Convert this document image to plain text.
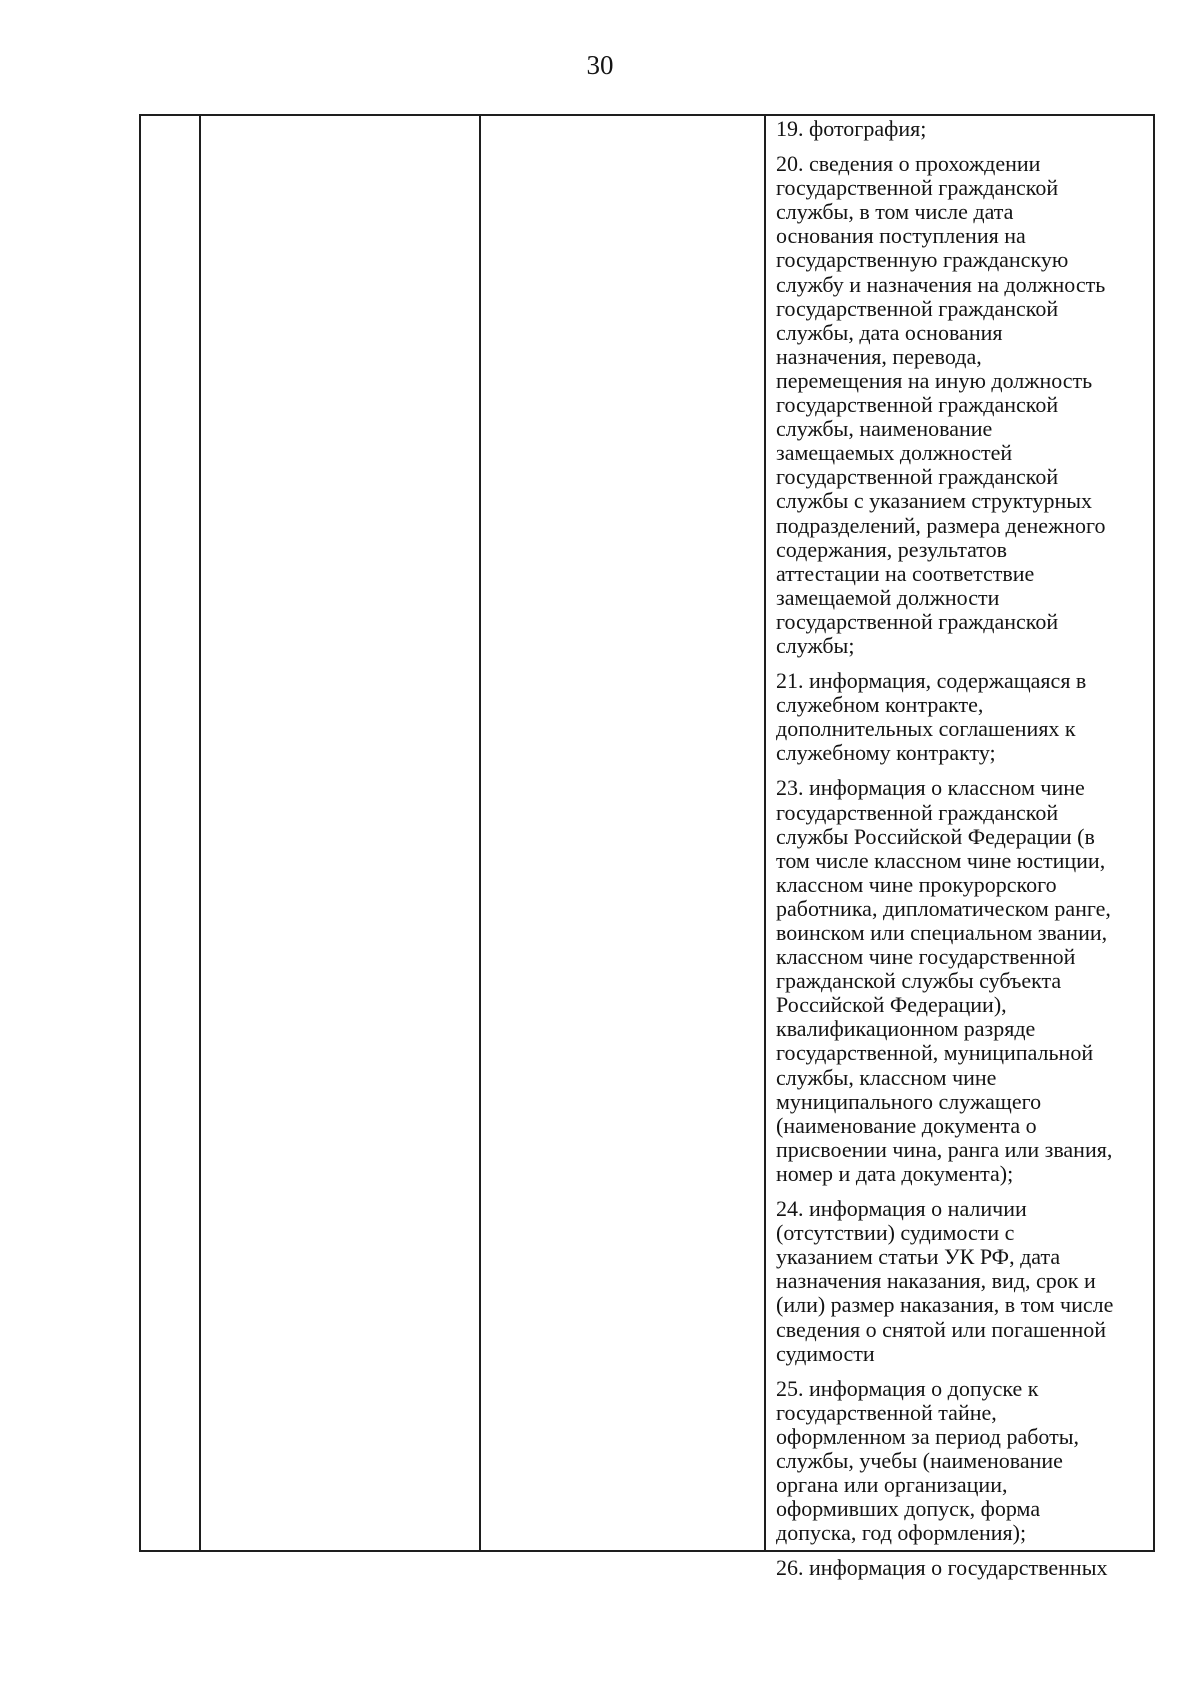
30
19. фотография;
20. сведения о прохождении
государственной гражданской
службы, в том числе дата
основания поступления на
государственную гражданскую
службу и назначения на должность
государственной гражданской
службы, дата основания
назначения, перевода,
перемещения на иную должность
государственной гражданской
службы, наименование
замещаемых должностей
государственной гражданской
службы с указанием структурных
подразделений, размера денежного
содержания, результатов
аттестации на соответствие
замещаемой должности
государственной гражданской
службы;
21. информация, содержащаяся в
служебном контракте,
дополнительных соглашениях к
служебному контракту;
23. информация о классном чине
государственной гражданской
службы Российской Федерации (в
том числе классном чине юстиции,
классном чине прокурорского
работника, дипломатическом ранге,
воинском или специальном звании,
классном чине государственной
гражданской службы субъекта
Российской Федерации),
квалификационном разряде
государственной, муниципальной
службы, классном чине
муниципального служащего
(наименование документа о
присвоении чина, ранга или звания,
номер и дата документа);
24. информация о наличии
(отсутствии) судимости с
указанием статьи УК РФ, дата
назначения наказания, вид, срок и
(или) размер наказания, в том числе
сведения о снятой или погашенной
судимости
25. информация о допуске к
государственной тайне,
оформленном за период работы,
службы, учебы (наименование
органа или организации,
оформивших допуск, форма
допуска, год оформления);
26. информация о государственных
